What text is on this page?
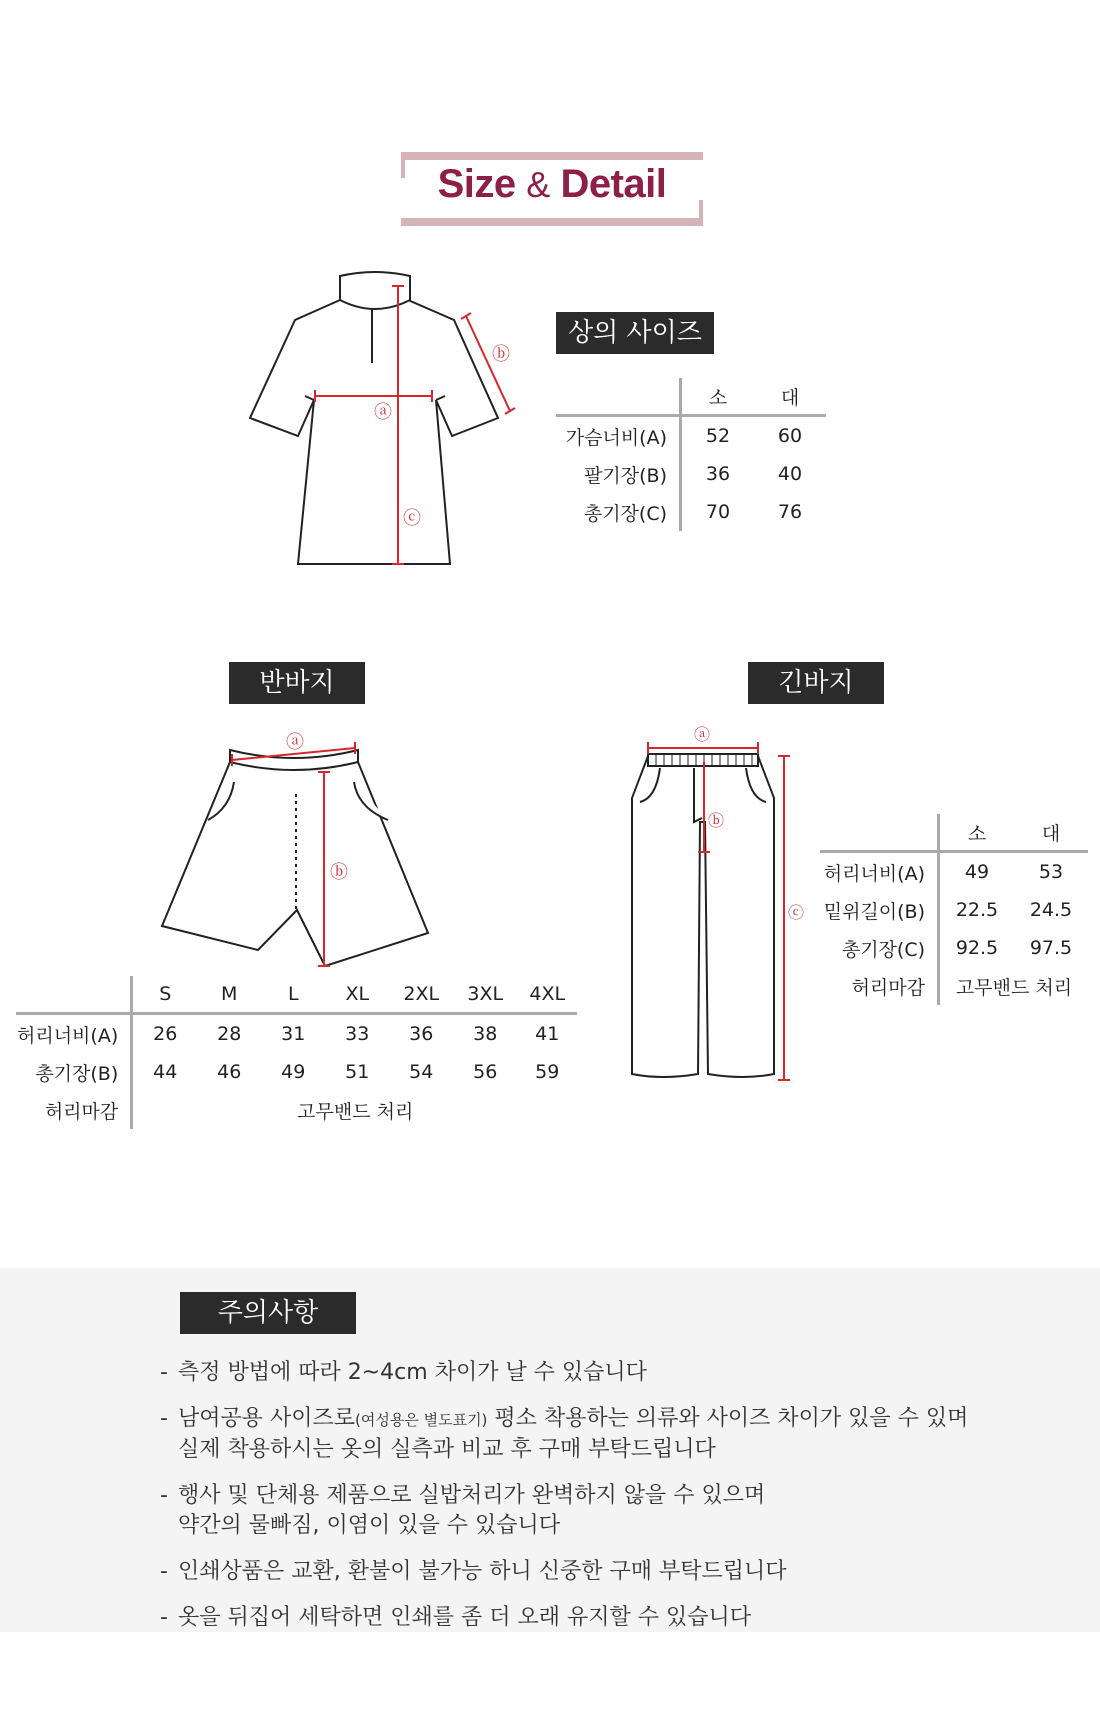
Size & Detail
ⓐ
ⓒ
ⓑ
상의 사이즈
	소	대
가슴너비(A)	52	60
팔기장(B)	36	40
총기장(C)	70	76
반바지
ⓐ
ⓑ
	S	M	L	XL	2XL	3XL	4XL
허리너비(A)	26	28	31	33	36	38	41
총기장(B)	44	46	49	51	54	56	59
허리마감	고무밴드 처리						
긴바지
ⓐ
ⓑ
ⓒ
	소	대
허리너비(A)	49	53
밑위길이(B)	22.5	24.5
총기장(C)	92.5	97.5
허리마감	고무밴드 처리	
주의사항
- 측정 방법에 따라 2~4cm 차이가 날 수 있습니다
- 남여공용 사이즈로(여성용은 별도표기) 평소 착용하는 의류와 사이즈 차이가 있을 수 있며
실제 착용하시는 옷의 실측과 비교 후 구매 부탁드립니다
- 행사 및 단체용 제품으로 실밥처리가 완벽하지 않을 수 있으며
약간의 물빠짐, 이염이 있을 수 있습니다
- 인쇄상품은 교환, 환불이 불가능 하니 신중한 구매 부탁드립니다
- 옷을 뒤집어 세탁하면 인쇄를 좀 더 오래 유지할 수 있습니다
